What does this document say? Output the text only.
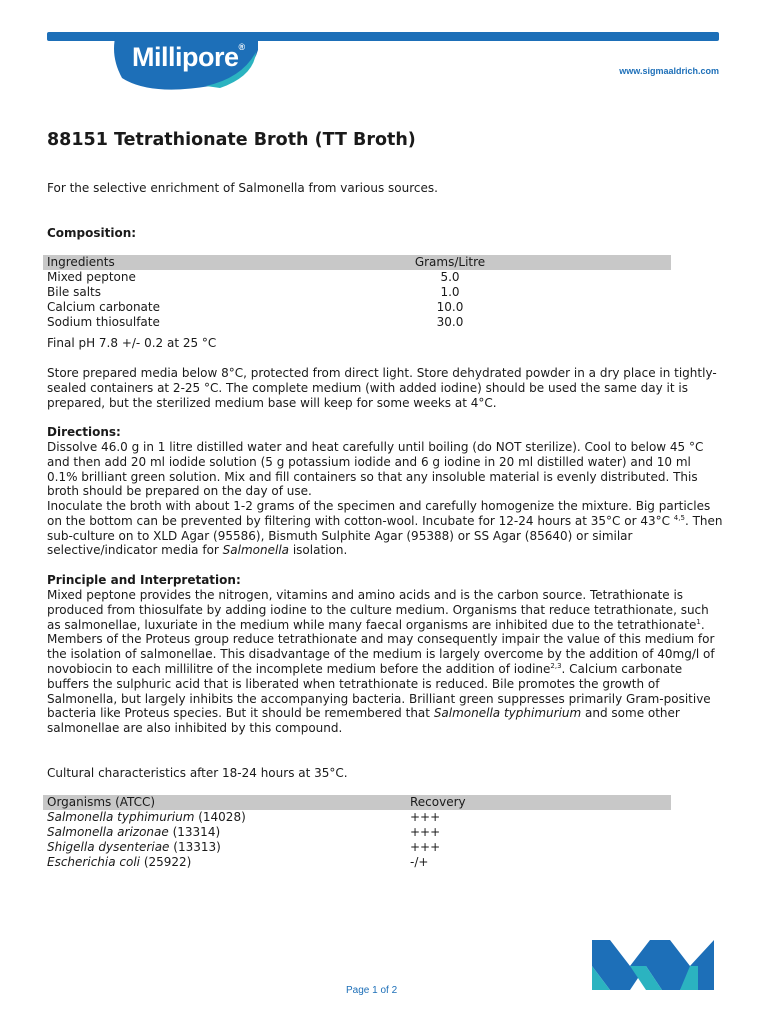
Millipore®
www.sigmaaldrich.com
88151 Tetrathionate Broth (TT Broth)
For the selective enrichment of Salmonella from various sources.
Composition:
Ingredients	Grams/Litre
Mixed peptone	5.0
Bile salts	1.0
Calcium carbonate	10.0
Sodium thiosulfate	30.0

Final pH 7.8 +/- 0.2 at 25 °C

Store prepared media below 8°C, protected from direct light. Store dehydrated powder in a dry place in tightly-sealed containers at 2-25 °C. The complete medium (with added iodine) should be used the same day it is prepared, but the sterilized medium base will keep for some weeks at 4°C.

Directions:

Dissolve 46.0 g in 1 litre distilled water and heat carefully until boiling (do NOT sterilize). Cool to below 45 °C and then add 20 ml iodide solution (5 g potassium iodide and 6 g iodine in 20 ml distilled water) and 10 ml 0.1% brilliant green solution. Mix and fill containers so that any insoluble material is evenly distributed. This broth should be prepared on the day of use.

Inoculate the broth with about 1-2 grams of the specimen and carefully homogenize the mixture. Big particles on the bottom can be prevented by filtering with cotton-wool. Incubate for 12-24 hours at 35°C or 43°C $^{4,5}$. Then sub-culture on to XLD Agar (95586), Bismuth Sulphite Agar (95388) or SS Agar (85640) or similar selective/indicator media for Salmonella isolation.

Principle and Interpretation:

Mixed peptone provides the nitrogen, vitamins and amino acids and is the carbon source. Tetrathionate is produced from thiosulfate by adding iodine to the culture medium. Organisms that reduce tetrathionate, such as salmonellae, luxuriate in the medium while many faecal organisms are inhibited due to the tetrathionate$^1$. Members of the Proteus group reduce tetrathionate and may consequently impair the value of this medium for the isolation of salmonellae. This disadvantage of the medium is largely overcome by the addition of 40mg/l of novobiocin to each millilitre of the incomplete medium before the addition of iodine$^{2,3}$. Calcium carbonate buffers the sulphuric acid that is liberated when tetrathionate is reduced. Bile promotes the growth of Salmonella, but largely inhibits the accompanying bacteria. Brilliant green suppresses primarily Gram-positive bacteria like Proteus species. But it should be remembered that Salmonella typhimurium and some other salmonellae are also inhibited by this compound.

Cultural characteristics after 18-24 hours at 35°C.

Organisms (ATCC)	Recovery
Salmonella typhimurium (14028)	+++
Salmonella arizonae (13314)	+++
Shigella dysenteriae (13313)	+++
Escherichia coli (25922)	-/+
Page 1 of 2
